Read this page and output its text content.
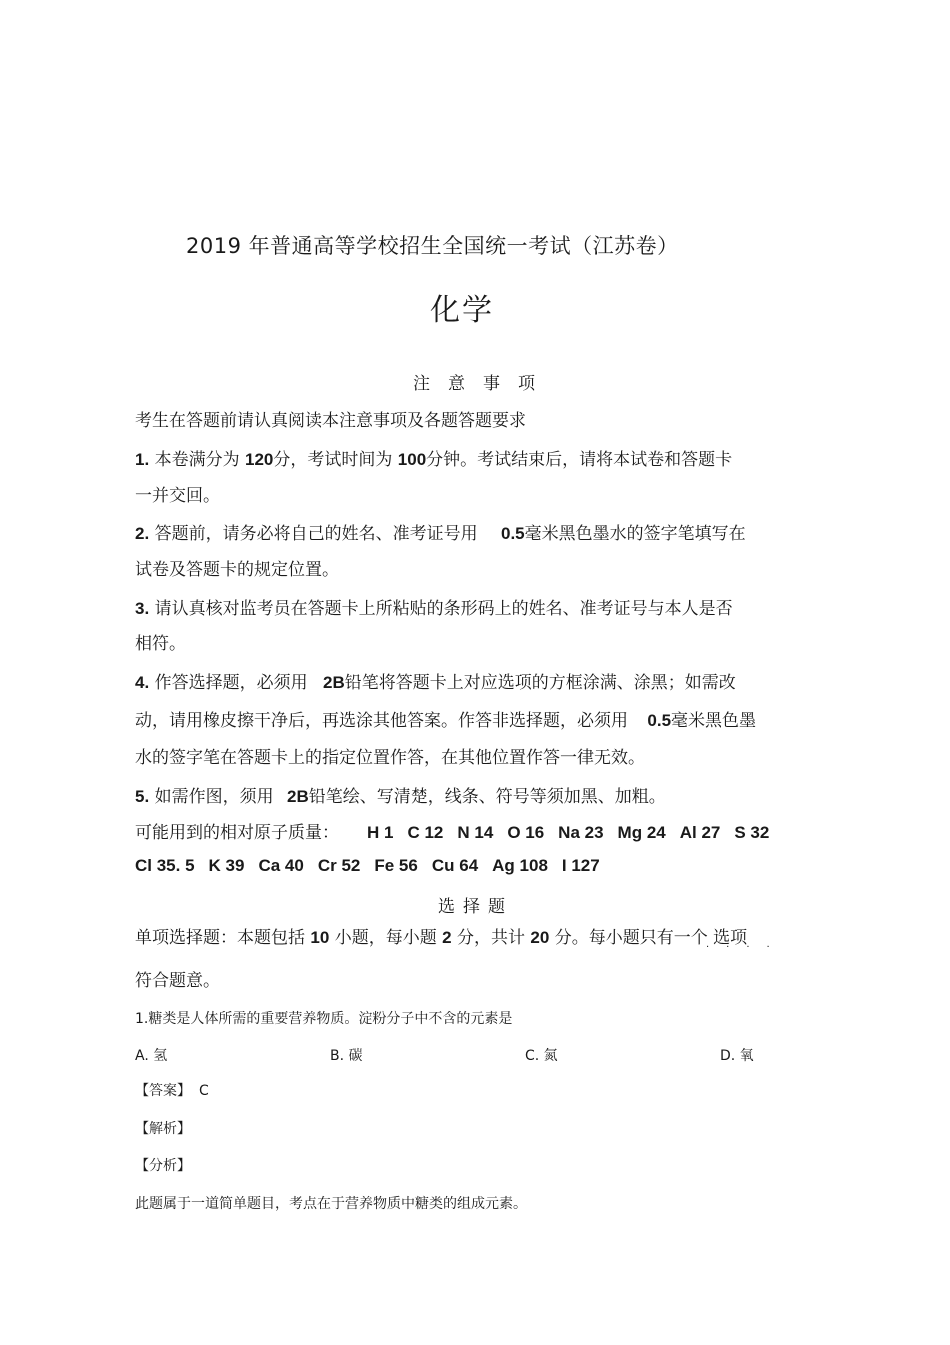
2019 年普通高等学校招生全国统一考试（江苏卷）
化学
注意事项
考生在答题前请认真阅读本注意事项及各题答题要求
1. 本卷满分为 120分，考试时间为 100分钟。考试结束后，请将本试卷和答题卡
一并交回。
2. 答题前，请务必将自己的姓名、准考证号用 0.5毫米黑色墨水的签字笔填写在
试卷及答题卡的规定位置。
3. 请认真核对监考员在答题卡上所粘贴的条形码上的姓名、准考证号与本人是否
相符。
4. 作答选择题，必须用 2B铅笔将答题卡上对应选项的方框涂满、涂黑；如需改
动，请用橡皮擦干净后，再选涂其他答案。作答非选择题，必须用 0.5毫米黑色墨
水的签字笔在答题卡上的指定位置作答，在其他位置作答一律无效。
5. 如需作图，须用 2B铅笔绘、写清楚，线条、符号等须加黑、加粗。
可能用到的相对原子质量： H 1 C 12 N 14 O 16 Na 23 Mg 24 Al 27 S 32
Cl 35. 5 K 39 Ca 40 Cr 52 Fe 56 Cu 64 Ag 108 I 127
选择题
单项选择题：本题包括 10 小题，每小题 2 分，共计 20 分。每小题只有一个 选项
····
符合题意。
1.糖类是人体所需的重要营养物质。淀粉分子中不含的元素是
A. 氢	B. 碳	C. 氮	D. 氧
【答案】 C
【解析】
【分析】
此题属于一道简单题目，考点在于营养物质中糖类的组成元素。
